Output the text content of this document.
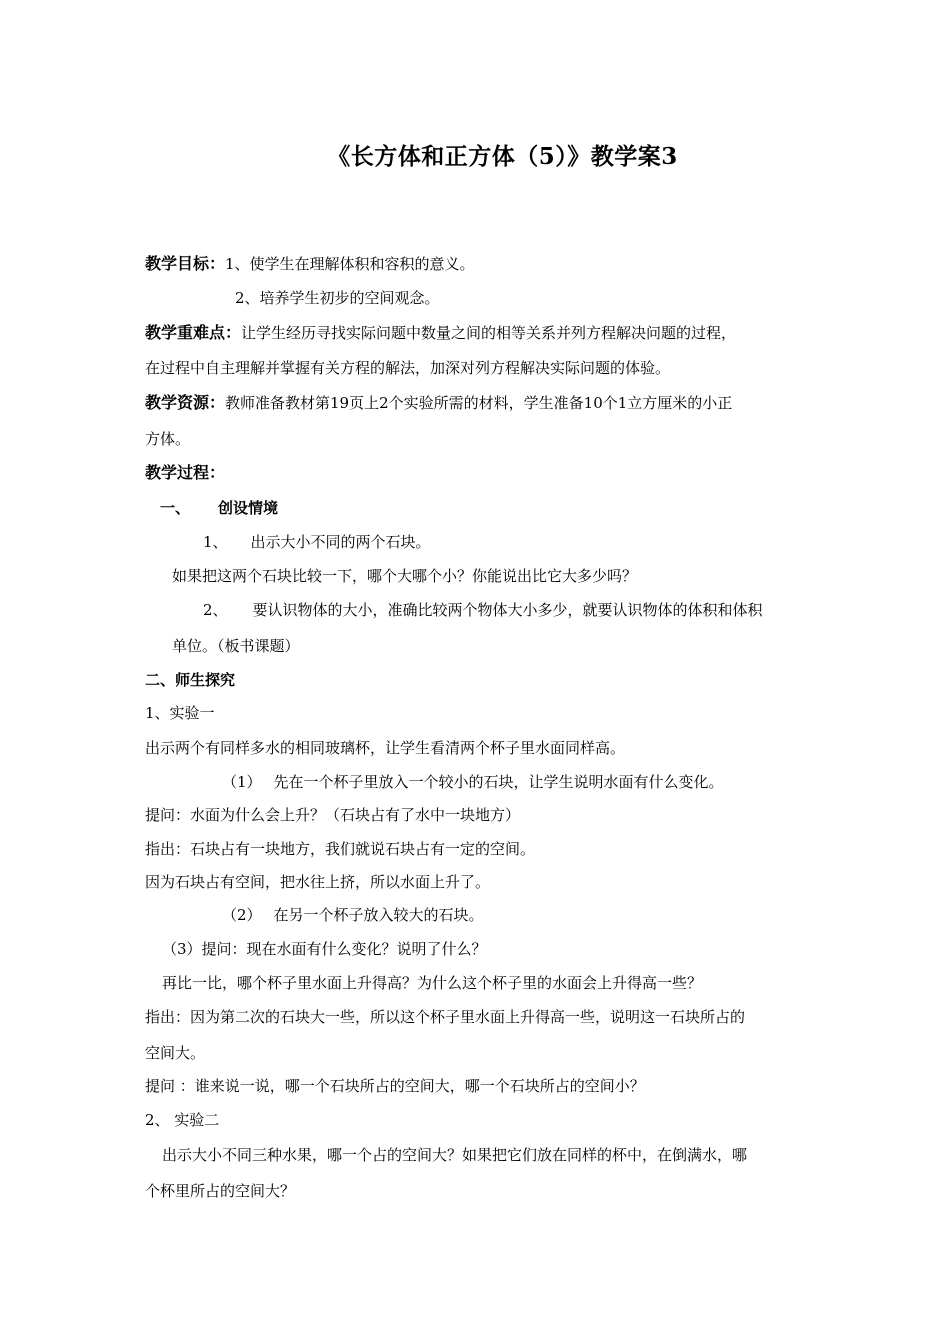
《长方体和正方体（5）》教学案3
教学目标：1、使学生在理解体积和容积的意义。
2、培养学生初步的空间观念。
教学重难点：让学生经历寻找实际问题中数量之间的相等关系并列方程解决问题的过程，
在过程中自主理解并掌握有关方程的解法，加深对列方程解决实际问题的体验。
教学资源：教师准备教材第19页上2个实验所需的材料，学生准备10个1立方厘米的小正
方体。
教学过程：
一、 创设情境
1、 出示大小不同的两个石块。
如果把这两个石块比较一下，哪个大哪个小？你能说出比它大多少吗？
2、 要认识物体的大小，准确比较两个物体大小多少，就要认识物体的体积和体积
单位。（板书课题）
二、师生探究
1、实验一
出示两个有同样多水的相同玻璃杯，让学生看清两个杯子里水面同样高。
（1） 先在一个杯子里放入一个较小的石块，让学生说明水面有什么变化。
提问：水面为什么会上升？（石块占有了水中一块地方）
指出：石块占有一块地方，我们就说石块占有一定的空间。
因为石块占有空间，把水往上挤，所以水面上升了。
（2） 在另一个杯子放入较大的石块。
（3）提问：现在水面有什么变化？说明了什么？
再比一比，哪个杯子里水面上升得高？为什么这个杯子里的水面会上升得高一些？
指出：因为第二次的石块大一些，所以这个杯子里水面上升得高一些，说明这一石块所占的
空间大。
提问 ：谁来说一说，哪一个石块所占的空间大，哪一个石块所占的空间小？
2、 实验二
出示大小不同三种水果，哪一个占的空间大？如果把它们放在同样的杯中，在倒满水，哪
个杯里所占的空间大？
